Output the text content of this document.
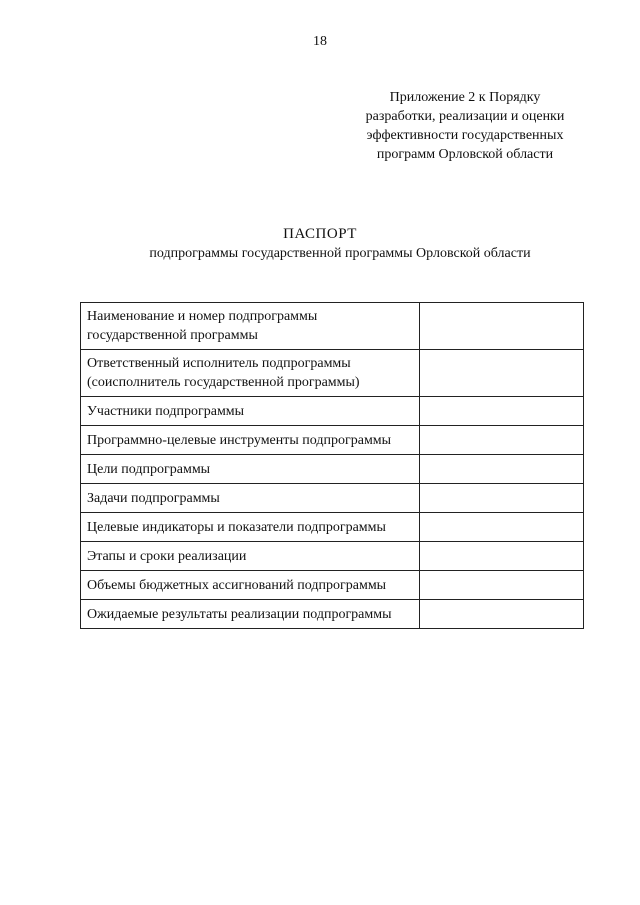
18
Приложение 2 к Порядку
разработки, реализации и оценки
эффективности государственных
программ Орловской области
ПАСПОРТ
подпрограммы государственной программы Орловской области
Наименование и номер подпрограммы государственной программы	
Ответственный исполнитель подпрограммы (соисполнитель государственной программы)	
Участники подпрограммы	
Программно-целевые инструменты подпрограммы	
Цели подпрограммы	
Задачи подпрограммы	
Целевые индикаторы и показатели подпрограммы	
Этапы и сроки реализации	
Объемы бюджетных ассигнований подпрограммы	
Ожидаемые результаты реализации подпрограммы	
